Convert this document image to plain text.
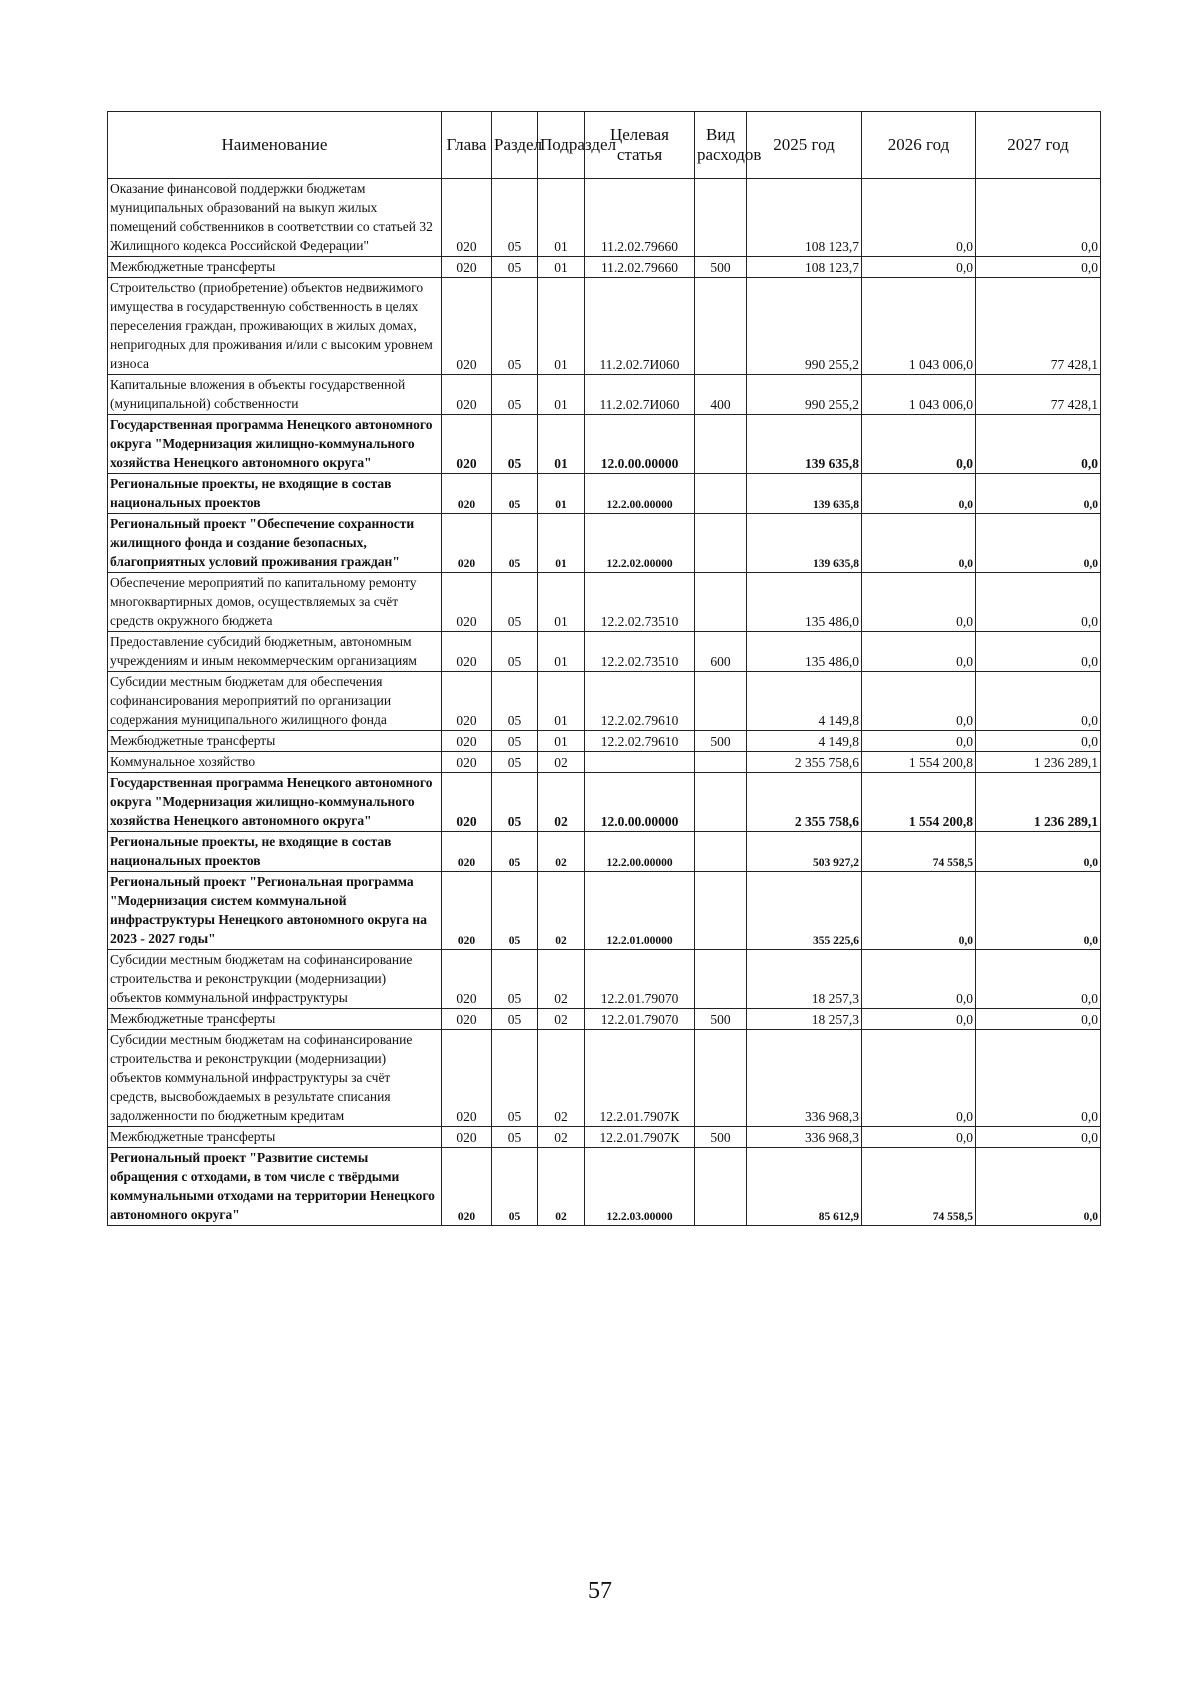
Наименование	Глава	Раздел	Подраздел	Целевая статья	Вид расходов	2025 год	2026 год	2027 год
Оказание финансовой поддержки бюджетам муниципальных образований на выкуп жилых помещений собственников в соответствии со статьей 32 Жилищного кодекса Российской Федерации"	020	05	01	11.2.02.79660		108 123,7	0,0	0,0
Межбюджетные трансферты	020	05	01	11.2.02.79660	500	108 123,7	0,0	0,0
Строительство (приобретение) объектов недвижимого имущества в государственную собственность в целях переселения граждан, проживающих в жилых домах, непригодных для проживания и/или с высоким уровнем износа	020	05	01	11.2.02.7И060		990 255,2	1 043 006,0	77 428,1
Капитальные вложения в объекты государственной (муниципальной) собственности	020	05	01	11.2.02.7И060	400	990 255,2	1 043 006,0	77 428,1
Государственная программа Ненецкого автономного округа "Модернизация жилищно-коммунального хозяйства Ненецкого автономного округа"	020	05	01	12.0.00.00000		139 635,8	0,0	0,0
Региональные проекты, не входящие в состав национальных проектов	020	05	01	12.2.00.00000		139 635,8	0,0	0,0
Региональный проект "Обеспечение сохранности жилищного фонда и создание безопасных, благоприятных условий проживания граждан"	020	05	01	12.2.02.00000		139 635,8	0,0	0,0
Обеспечение мероприятий по капитальному ремонту многоквартирных домов, осуществляемых за счёт средств окружного бюджета	020	05	01	12.2.02.73510		135 486,0	0,0	0,0
Предоставление субсидий бюджетным, автономным учреждениям и иным некоммерческим организациям	020	05	01	12.2.02.73510	600	135 486,0	0,0	0,0
Субсидии местным бюджетам для обеспечения софинансирования мероприятий по организации содержания муниципального жилищного фонда	020	05	01	12.2.02.79610		4 149,8	0,0	0,0
Межбюджетные трансферты	020	05	01	12.2.02.79610	500	4 149,8	0,0	0,0
Коммунальное хозяйство	020	05	02			2 355 758,6	1 554 200,8	1 236 289,1
Государственная программа Ненецкого автономного округа "Модернизация жилищно-коммунального хозяйства Ненецкого автономного округа"	020	05	02	12.0.00.00000		2 355 758,6	1 554 200,8	1 236 289,1
Региональные проекты, не входящие в состав национальных проектов	020	05	02	12.2.00.00000		503 927,2	74 558,5	0,0
Региональный проект "Региональная программа "Модернизация систем коммунальной инфраструктуры Ненецкого автономного округа на 2023 - 2027 годы"	020	05	02	12.2.01.00000		355 225,6	0,0	0,0
Субсидии местным бюджетам на софинансирование строительства и реконструкции (модернизации) объектов коммунальной инфраструктуры	020	05	02	12.2.01.79070		18 257,3	0,0	0,0
Межбюджетные трансферты	020	05	02	12.2.01.79070	500	18 257,3	0,0	0,0
Субсидии местным бюджетам на софинансирование строительства и реконструкции (модернизации) объектов коммунальной инфраструктуры за счёт средств, высвобождаемых в результате списания задолженности по бюджетным кредитам	020	05	02	12.2.01.7907К		336 968,3	0,0	0,0
Межбюджетные трансферты	020	05	02	12.2.01.7907К	500	336 968,3	0,0	0,0
Региональный проект "Развитие системы обращения с отходами, в том числе с твёрдыми коммунальными отходами на территории Ненецкого автономного округа"	020	05	02	12.2.03.00000		85 612,9	74 558,5	0,0
57
